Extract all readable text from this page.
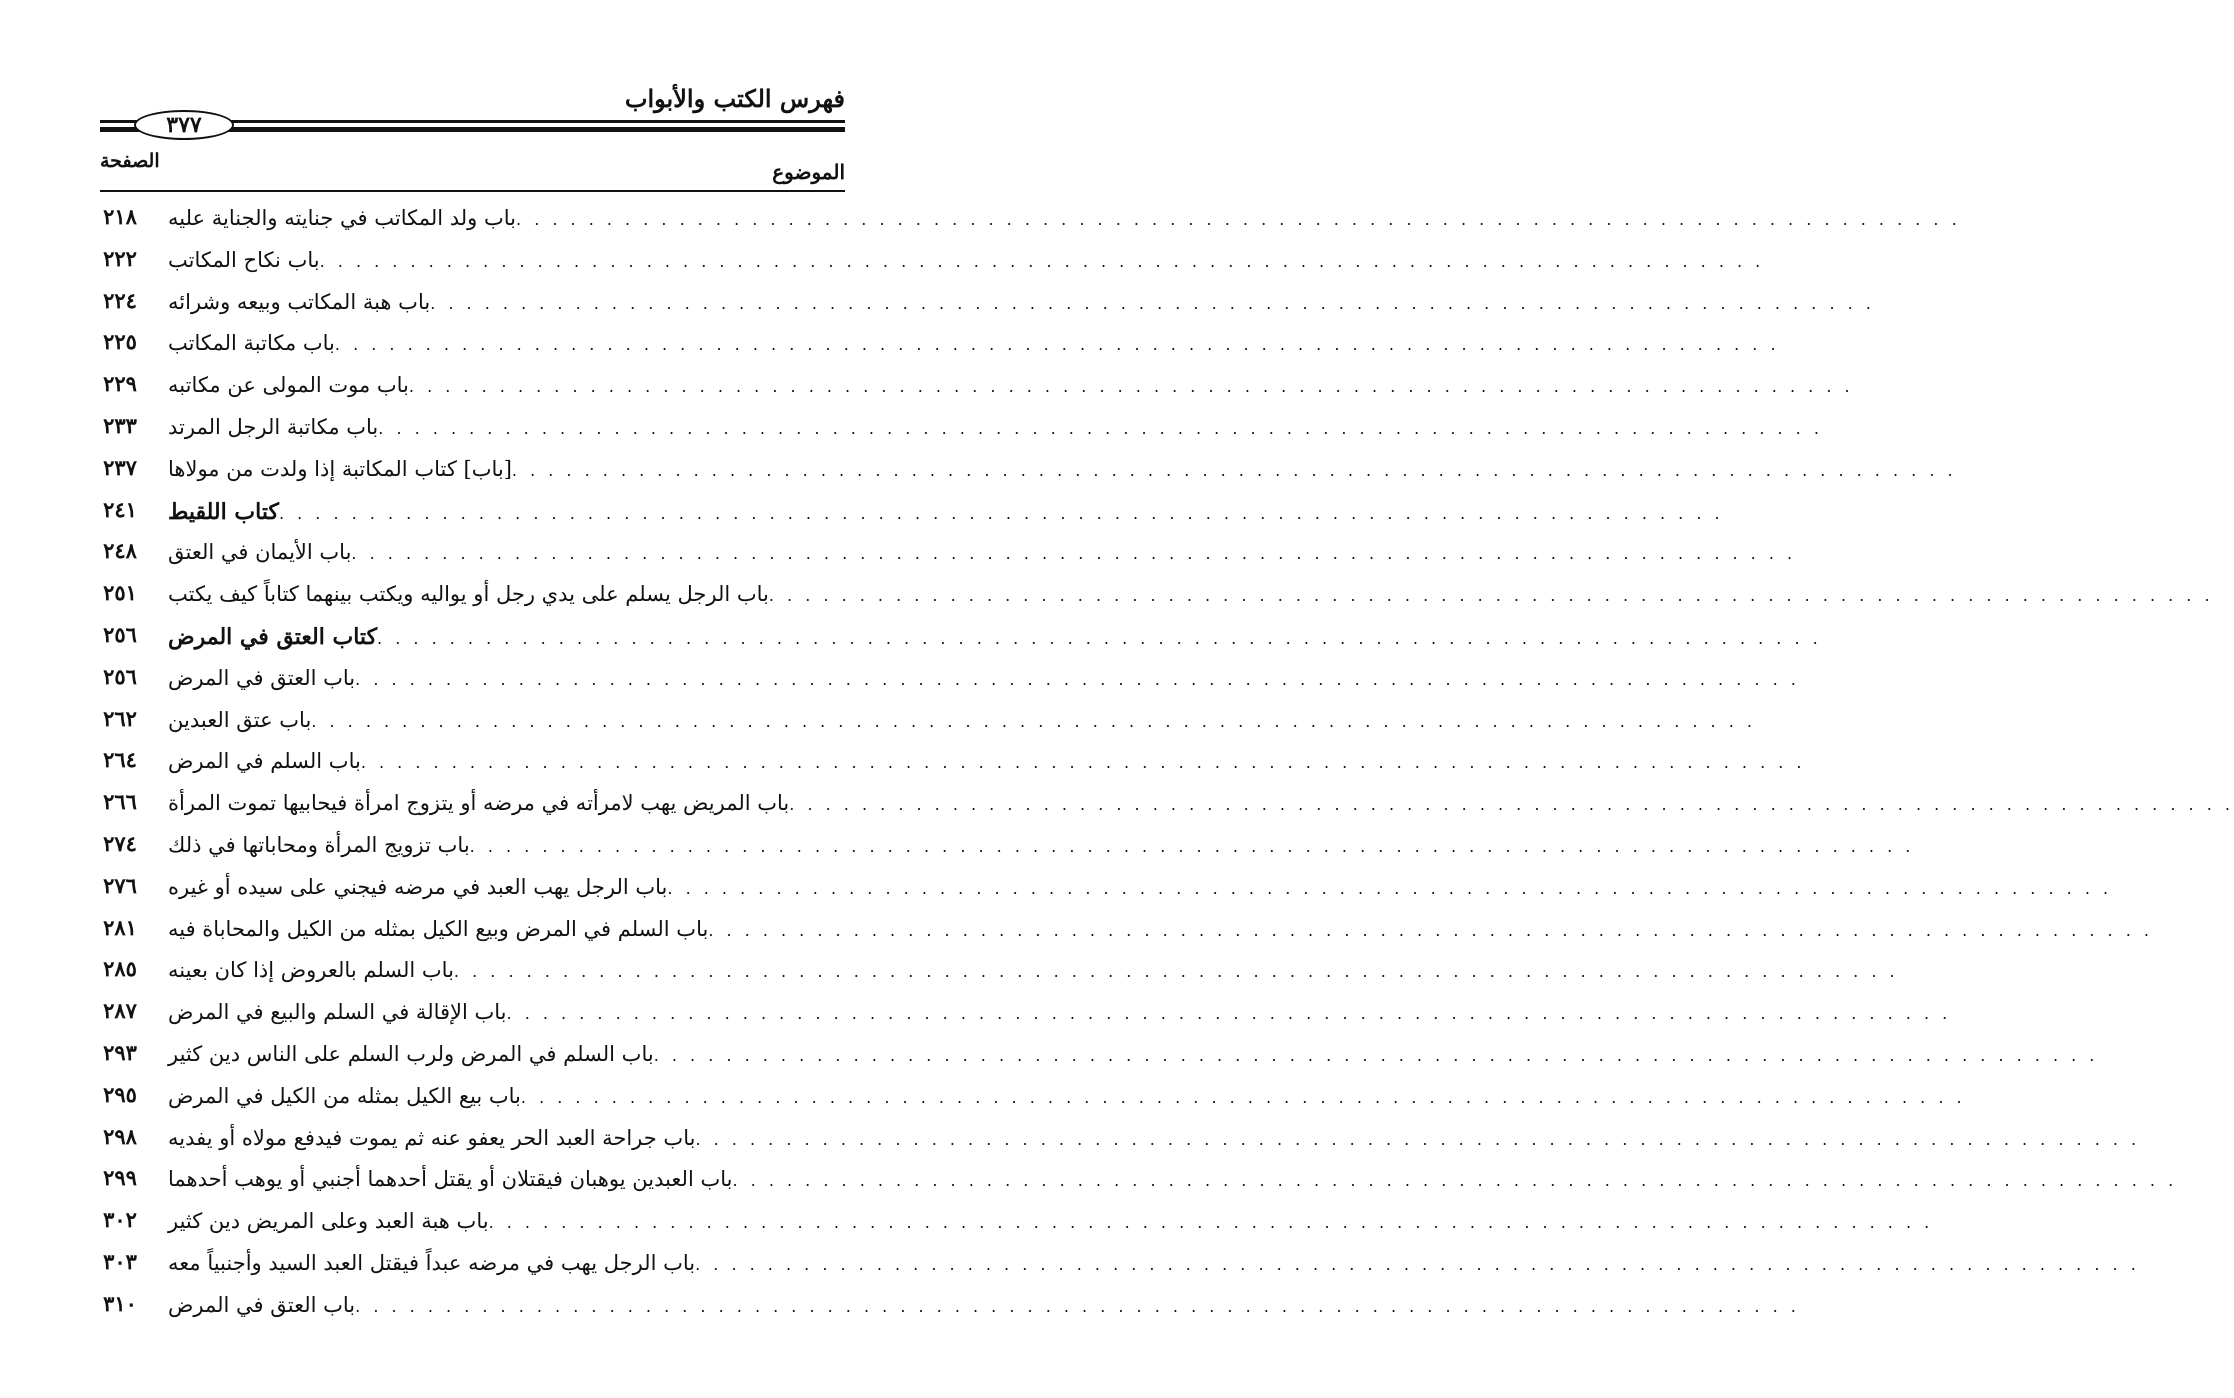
فهرس الكتب والأبواب
٣٧٧
الصفحة	الموضوع
٢١٨	باب ولد المكاتب في جنايته والجناية عليه . . . . . . . . . . . . . . . . . . . . . . . . . . . . . . . . . . . . . . . . . . . . . . . . . . . . . . . . . . . . . . . . . . . . . . . . . . . . . . . .
٢٢٢	باب نكاح المكاتب . . . . . . . . . . . . . . . . . . . . . . . . . . . . . . . . . . . . . . . . . . . . . . . . . . . . . . . . . . . . . . . . . . . . . . . . . . . . . . . .
٢٢٤	باب هبة المكاتب وبيعه وشرائه . . . . . . . . . . . . . . . . . . . . . . . . . . . . . . . . . . . . . . . . . . . . . . . . . . . . . . . . . . . . . . . . . . . . . . . . . . . . . . . .
٢٢٥	باب مكاتبة المكاتب . . . . . . . . . . . . . . . . . . . . . . . . . . . . . . . . . . . . . . . . . . . . . . . . . . . . . . . . . . . . . . . . . . . . . . . . . . . . . . . .
٢٢٩	باب موت المولى عن مكاتبه . . . . . . . . . . . . . . . . . . . . . . . . . . . . . . . . . . . . . . . . . . . . . . . . . . . . . . . . . . . . . . . . . . . . . . . . . . . . . . . .
٢٣٣	باب مكاتبة الرجل المرتد . . . . . . . . . . . . . . . . . . . . . . . . . . . . . . . . . . . . . . . . . . . . . . . . . . . . . . . . . . . . . . . . . . . . . . . . . . . . . . . .
٢٣٧	[باب] كتاب المكاتبة إذا ولدت من مولاها . . . . . . . . . . . . . . . . . . . . . . . . . . . . . . . . . . . . . . . . . . . . . . . . . . . . . . . . . . . . . . . . . . . . . . . . . . . . . . . .
٢٤١	كتاب اللقيط . . . . . . . . . . . . . . . . . . . . . . . . . . . . . . . . . . . . . . . . . . . . . . . . . . . . . . . . . . . . . . . . . . . . . . . . . . . . . . . .
٢٤٨	باب الأيمان في العتق . . . . . . . . . . . . . . . . . . . . . . . . . . . . . . . . . . . . . . . . . . . . . . . . . . . . . . . . . . . . . . . . . . . . . . . . . . . . . . . .
٢٥١	باب الرجل يسلم على يدي رجل أو يواليه ويكتب بينهما كتاباً كيف يكتب . . . . . . . . . . . . . . . . . . . . . . . . . . . . . . . . . . . . . . . . . . . . . . . . . . . . . . . . . . . . . . . . . . . . . . . . . . . . . . . .
٢٥٦	كتاب العتق في المرض . . . . . . . . . . . . . . . . . . . . . . . . . . . . . . . . . . . . . . . . . . . . . . . . . . . . . . . . . . . . . . . . . . . . . . . . . . . . . . . .
٢٥٦	باب العتق في المرض . . . . . . . . . . . . . . . . . . . . . . . . . . . . . . . . . . . . . . . . . . . . . . . . . . . . . . . . . . . . . . . . . . . . . . . . . . . . . . . .
٢٦٢	باب عتق العبدين . . . . . . . . . . . . . . . . . . . . . . . . . . . . . . . . . . . . . . . . . . . . . . . . . . . . . . . . . . . . . . . . . . . . . . . . . . . . . . . .
٢٦٤	باب السلم في المرض . . . . . . . . . . . . . . . . . . . . . . . . . . . . . . . . . . . . . . . . . . . . . . . . . . . . . . . . . . . . . . . . . . . . . . . . . . . . . . . .
٢٦٦	باب المريض يهب لامرأته في مرضه أو يتزوج امرأة فيحابيها تموت المرأة . . . . . . . . . . . . . . . . . . . . . . . . . . . . . . . . . . . . . . . . . . . . . . . . . . . . . . . . . . . . . . . . . . . . . . . . . . . . . . . .
٢٧٤	باب تزويج المرأة ومحاباتها في ذلك . . . . . . . . . . . . . . . . . . . . . . . . . . . . . . . . . . . . . . . . . . . . . . . . . . . . . . . . . . . . . . . . . . . . . . . . . . . . . . . .
٢٧٦	باب الرجل يهب العبد في مرضه فيجني على سيده أو غيره . . . . . . . . . . . . . . . . . . . . . . . . . . . . . . . . . . . . . . . . . . . . . . . . . . . . . . . . . . . . . . . . . . . . . . . . . . . . . . . .
٢٨١	باب السلم في المرض وبيع الكيل بمثله من الكيل والمحاباة فيه . . . . . . . . . . . . . . . . . . . . . . . . . . . . . . . . . . . . . . . . . . . . . . . . . . . . . . . . . . . . . . . . . . . . . . . . . . . . . . . .
٢٨٥	باب السلم بالعروض إذا كان بعينه . . . . . . . . . . . . . . . . . . . . . . . . . . . . . . . . . . . . . . . . . . . . . . . . . . . . . . . . . . . . . . . . . . . . . . . . . . . . . . . .
٢٨٧	باب الإقالة في السلم والبيع في المرض . . . . . . . . . . . . . . . . . . . . . . . . . . . . . . . . . . . . . . . . . . . . . . . . . . . . . . . . . . . . . . . . . . . . . . . . . . . . . . . .
٢٩٣	باب السلم في المرض ولرب السلم على الناس دين كثير . . . . . . . . . . . . . . . . . . . . . . . . . . . . . . . . . . . . . . . . . . . . . . . . . . . . . . . . . . . . . . . . . . . . . . . . . . . . . . . .
٢٩٥	باب بيع الكيل بمثله من الكيل في المرض . . . . . . . . . . . . . . . . . . . . . . . . . . . . . . . . . . . . . . . . . . . . . . . . . . . . . . . . . . . . . . . . . . . . . . . . . . . . . . . .
٢٩٨	باب جراحة العبد الحر يعفو عنه ثم يموت فيدفع مولاه أو يفديه . . . . . . . . . . . . . . . . . . . . . . . . . . . . . . . . . . . . . . . . . . . . . . . . . . . . . . . . . . . . . . . . . . . . . . . . . . . . . . . .
٢٩٩	باب العبدين يوهبان فيقتلان أو يقتل أحدهما أجنبي أو يوهب أحدهما . . . . . . . . . . . . . . . . . . . . . . . . . . . . . . . . . . . . . . . . . . . . . . . . . . . . . . . . . . . . . . . . . . . . . . . . . . . . . . . .
٣٠٢	باب هبة العبد وعلى المريض دين كثير . . . . . . . . . . . . . . . . . . . . . . . . . . . . . . . . . . . . . . . . . . . . . . . . . . . . . . . . . . . . . . . . . . . . . . . . . . . . . . . .
٣٠٣	باب الرجل يهب في مرضه عبداً فيقتل العبد السيد وأجنبياً معه . . . . . . . . . . . . . . . . . . . . . . . . . . . . . . . . . . . . . . . . . . . . . . . . . . . . . . . . . . . . . . . . . . . . . . . . . . . . . . . .
٣١٠	باب العتق في المرض . . . . . . . . . . . . . . . . . . . . . . . . . . . . . . . . . . . . . . . . . . . . . . . . . . . . . . . . . . . . . . . . . . . . . . . . . . . . . . . .
